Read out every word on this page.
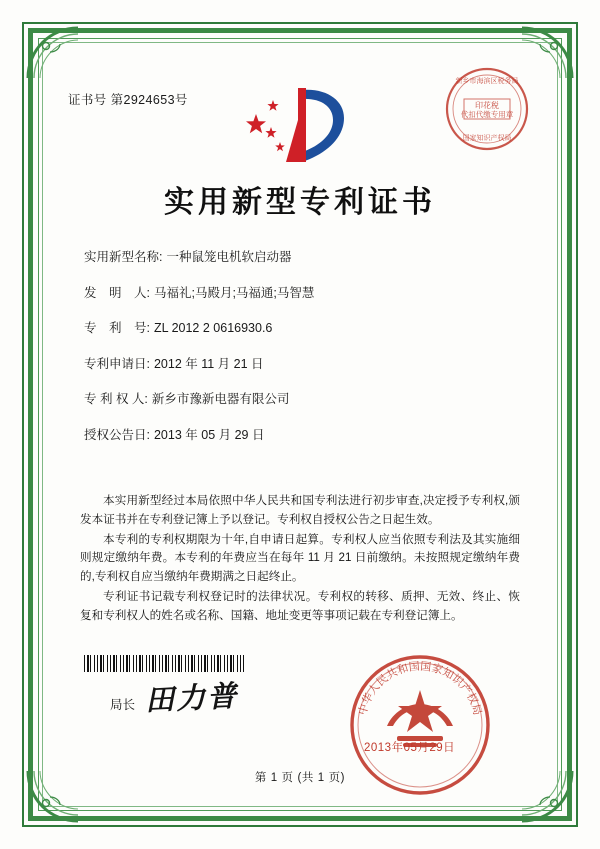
证书号 第2924653号
新乡市海滨区税务局
印花税
代扣代缴专用章
国家知识产权局
实用新型专利证书
实用新型名称: 一种鼠笼电机软启动器
发　明　人: 马福礼;马殿月;马福通;马智慧
专　利　号: ZL 2012 2 0616930.6
专利申请日: 2012 年 11 月 21 日
专 利 权 人: 新乡市豫新电器有限公司
授权公告日: 2013 年 05 月 29 日

本实用新型经过本局依照中华人民共和国专利法进行初步审查,决定授予专利权,颁发本证书并在专利登记簿上予以登记。专利权自授权公告之日起生效。

本专利的专利权期限为十年,自申请日起算。专利权人应当依照专利法及其实施细则规定缴纳年费。本专利的年费应当在每年 11 月 21 日前缴纳。未按照规定缴纳年费的,专利权自应当缴纳年费期满之日起终止。

专利证书记载专利权登记时的法律状况。专利权的转移、质押、无效、终止、恢复和专利权人的姓名或名称、国籍、地址变更等事项记载在专利登记簿上。

局长 田力普	中华人民共和国国家知识产权局
2013年05月29日
第 1 页 (共 1 页)
